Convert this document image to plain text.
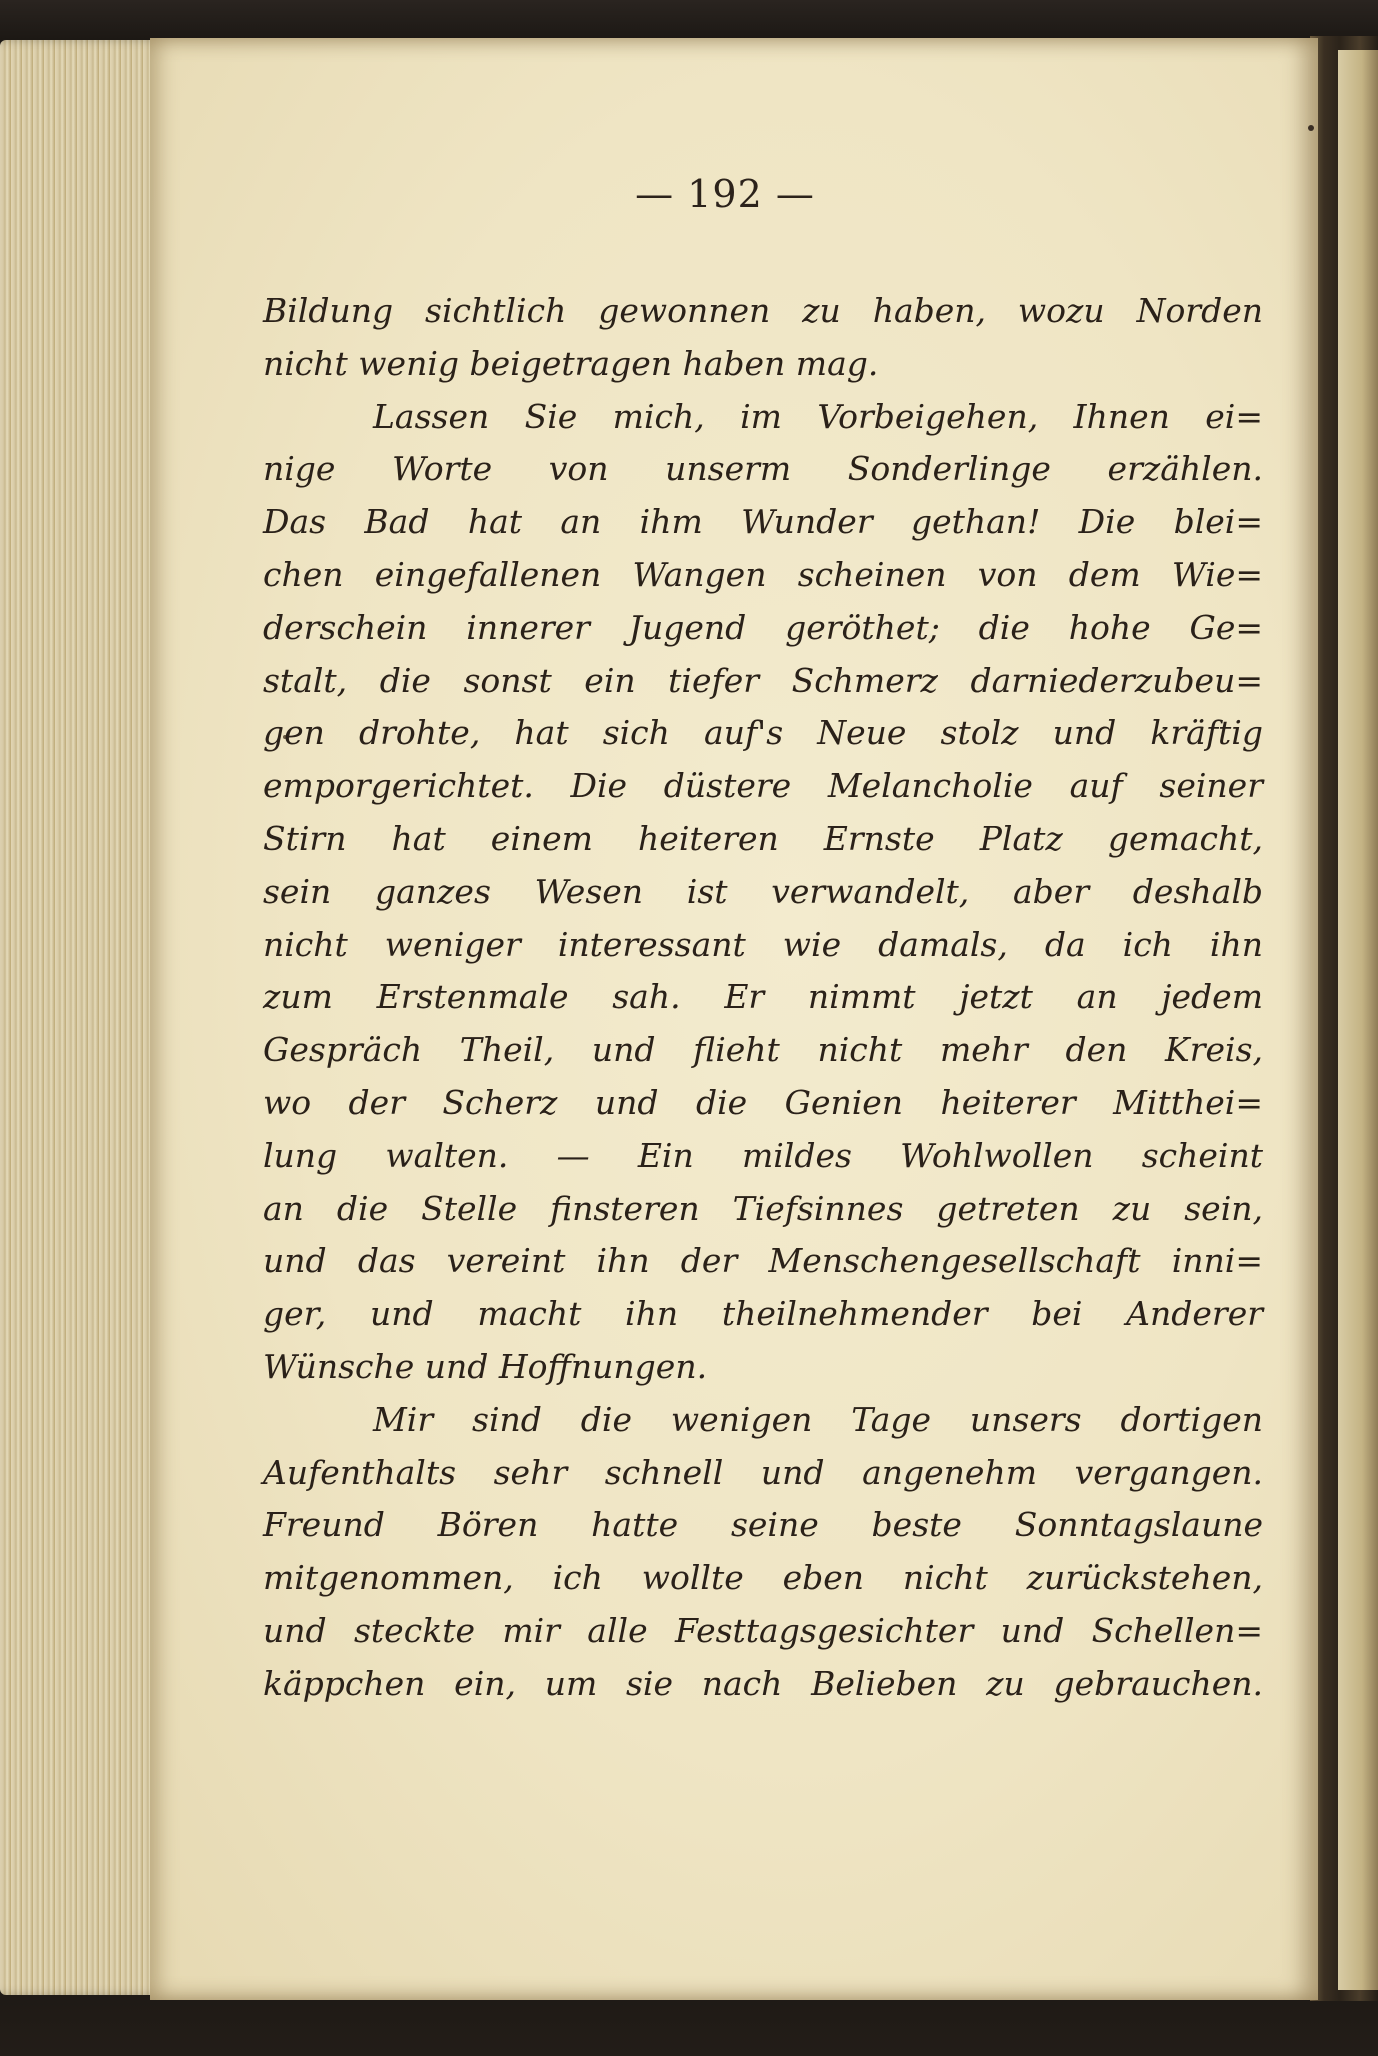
— 192 —
Bildung sichtlich gewonnen zu haben, wozu Norden
nicht wenig beigetragen haben mag.
Lassen Sie mich, im Vorbeigehen, Ihnen ei=
nige Worte von unserm Sonderlinge erzählen.
Das Bad hat an ihm Wunder gethan! Die blei=
chen eingefallenen Wangen scheinen von dem Wie=
derschein innerer Jugend geröthet; die hohe Ge=
stalt, die sonst ein tiefer Schmerz darniederzubeu=
gen drohte, hat sich auf's Neue stolz und kräftig
emporgerichtet. Die düstere Melancholie auf seiner
Stirn hat einem heiteren Ernste Platz gemacht,
sein ganzes Wesen ist verwandelt, aber deshalb
nicht weniger interessant wie damals, da ich ihn
zum Erstenmale sah. Er nimmt jetzt an jedem
Gespräch Theil, und flieht nicht mehr den Kreis,
wo der Scherz und die Genien heiterer Mitthei=
lung walten. — Ein mildes Wohlwollen scheint
an die Stelle finsteren Tiefsinnes getreten zu sein,
und das vereint ihn der Menschengesellschaft inni=
ger, und macht ihn theilnehmender bei Anderer
Wünsche und Hoffnungen.
Mir sind die wenigen Tage unsers dortigen
Aufenthalts sehr schnell und angenehm vergangen.
Freund Bören hatte seine beste Sonntagslaune
mitgenommen, ich wollte eben nicht zurückstehen,
und steckte mir alle Festtagsgesichter und Schellen=
käppchen ein, um sie nach Belieben zu gebrauchen.
